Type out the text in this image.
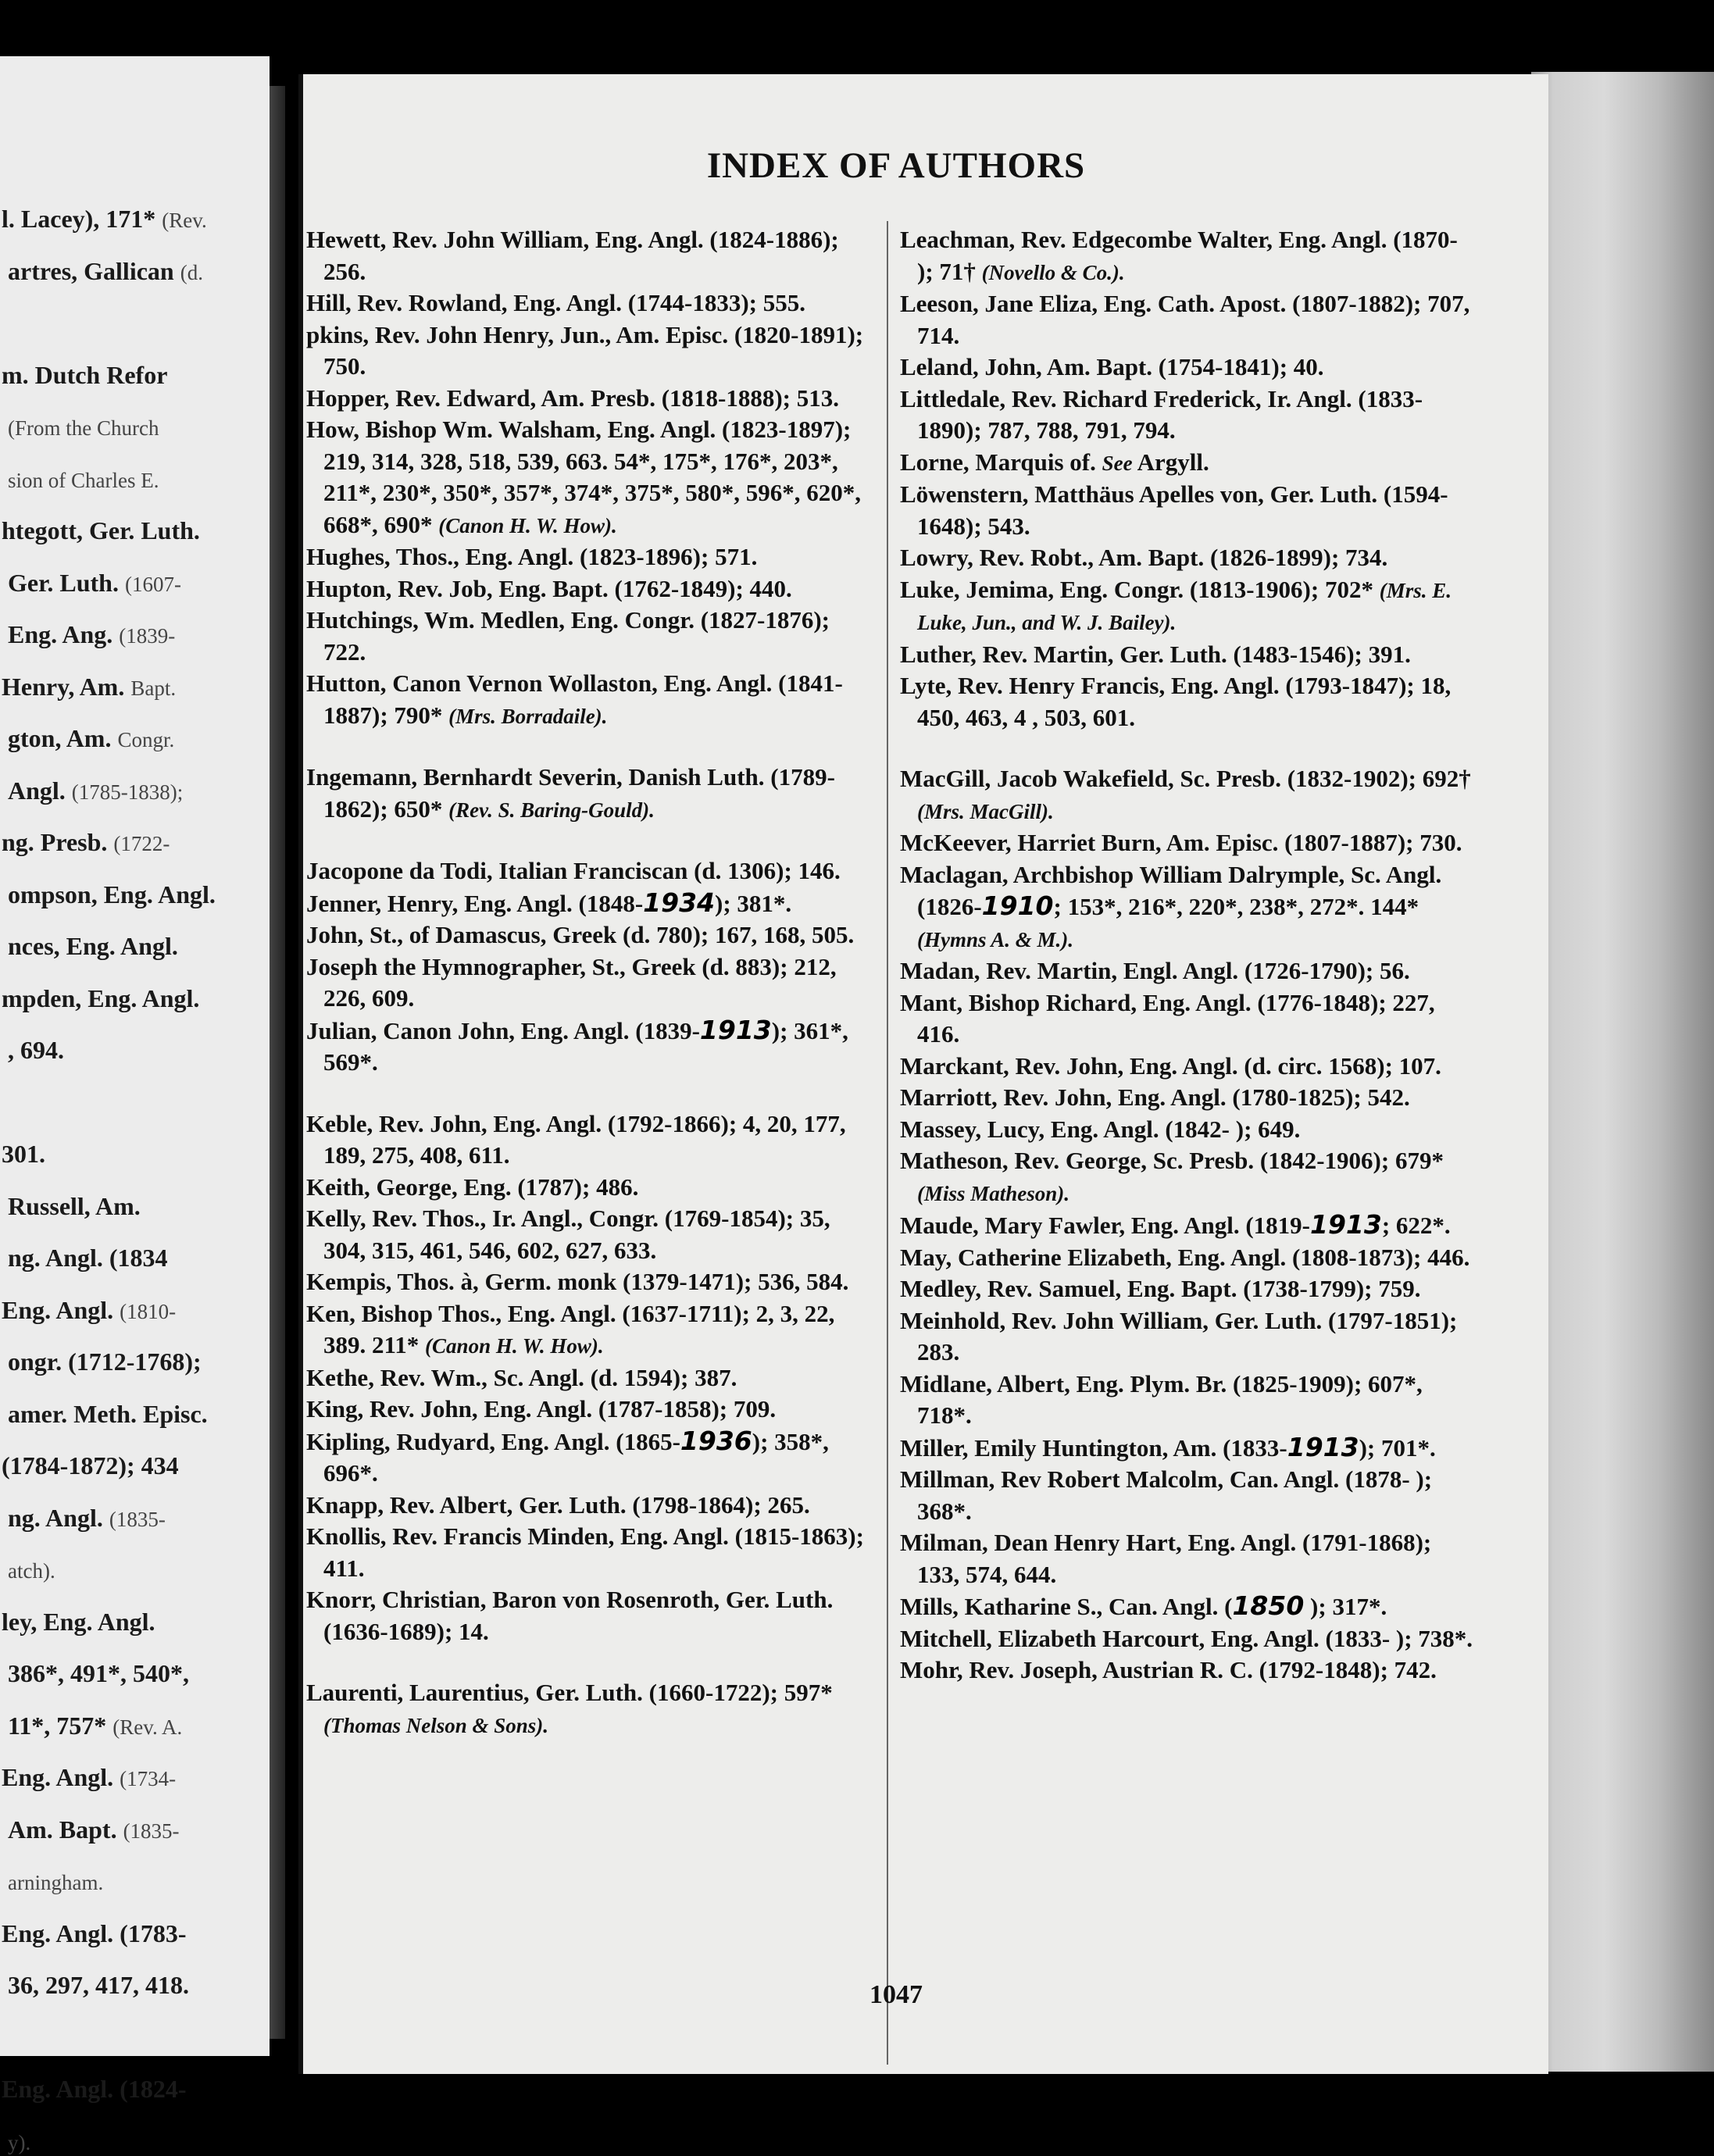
l. Lacey), 171* (Rev.
artres, Gallican (d.
m. Dutch Refor
(From the Church
sion of Charles E.
htegott, Ger. Luth.
Ger. Luth. (1607-
Eng. Ang. (1839-
Henry, Am. Bapt.
gton, Am. Congr.
Angl. (1785-1838);
ng. Presb. (1722-
ompson, Eng. Angl.
nces, Eng. Angl.
mpden, Eng. Angl.
, 694.
301.
Russell, Am.
ng. Angl. (1834
Eng. Angl. (1810-
ongr. (1712-1768);
amer. Meth. Episc.
(1784-1872); 434
ng. Angl. (1835-
atch).
ley, Eng. Angl.
386*, 491*, 540*,
11*, 757* (Rev. A.
Eng. Angl. (1734-
Am. Bapt. (1835-
arningham.
Eng. Angl. (1783-
36, 297, 417, 418.
Eng. Angl. (1824-
y).
INDEX OF AUTHORS

Hewett, Rev. John William, Eng. Angl. (1824-1886); 256.

Hill, Rev. Rowland, Eng. Angl. (1744-1833); 555.

pkins, Rev. John Henry, Jun., Am. Episc. (1820-1891); 750.

Hopper, Rev. Edward, Am. Presb. (1818-1888); 513.

How, Bishop Wm. Walsham, Eng. Angl. (1823-1897); 219, 314, 328, 518, 539, 663. 54*, 175*, 176*, 203*, 211*, 230*, 350*, 357*, 374*, 375*, 580*, 596*, 620*, 668*, 690* (Canon H. W. How).

Hughes, Thos., Eng. Angl. (1823-1896); 571.

Hupton, Rev. Job, Eng. Bapt. (1762-1849); 440.

Hutchings, Wm. Medlen, Eng. Congr. (1827-1876); 722.

Hutton, Canon Vernon Wollaston, Eng. Angl. (1841-1887); 790* (Mrs. Borradaile).

Ingemann, Bernhardt Severin, Danish Luth. (1789-1862); 650* (Rev. S. Baring-Gould).

Jacopone da Todi, Italian Franciscan (d. 1306); 146.

Jenner, Henry, Eng. Angl. (1848-1934); 381*.

John, St., of Damascus, Greek (d. 780); 167, 168, 505.

Joseph the Hymnographer, St., Greek (d. 883); 212, 226, 609.

Julian, Canon John, Eng. Angl. (1839-1913); 361*, 569*.

Keble, Rev. John, Eng. Angl. (1792-1866); 4, 20, 177, 189, 275, 408, 611.

Keith, George, Eng. (1787); 486.

Kelly, Rev. Thos., Ir. Angl., Congr. (1769-1854); 35, 304, 315, 461, 546, 602, 627, 633.

Kempis, Thos. à, Germ. monk (1379-1471); 536, 584.

Ken, Bishop Thos., Eng. Angl. (1637-1711); 2, 3, 22, 389. 211* (Canon H. W. How).

Kethe, Rev. Wm., Sc. Angl. (d. 1594); 387.

King, Rev. John, Eng. Angl. (1787-1858); 709.

Kipling, Rudyard, Eng. Angl. (1865-1936); 358*, 696*.

Knapp, Rev. Albert, Ger. Luth. (1798-1864); 265.

Knollis, Rev. Francis Minden, Eng. Angl. (1815-1863); 411.

Knorr, Christian, Baron von Rosenroth, Ger. Luth. (1636-1689); 14.

Laurenti, Laurentius, Ger. Luth. (1660-1722); 597* (Thomas Nelson & Sons).

Leachman, Rev. Edgecombe Walter, Eng. Angl. (1870- ); 71† (Novello & Co.).

Leeson, Jane Eliza, Eng. Cath. Apost. (1807-1882); 707, 714.

Leland, John, Am. Bapt. (1754-1841); 40.

Littledale, Rev. Richard Frederick, Ir. Angl. (1833-1890); 787, 788, 791, 794.

Lorne, Marquis of. See Argyll.

Löwenstern, Matthäus Apelles von, Ger. Luth. (1594-1648); 543.

Lowry, Rev. Robt., Am. Bapt. (1826-1899); 734.

Luke, Jemima, Eng. Congr. (1813-1906); 702* (Mrs. E. Luke, Jun., and W. J. Bailey).

Luther, Rev. Martin, Ger. Luth. (1483-1546); 391.

Lyte, Rev. Henry Francis, Eng. Angl. (1793-1847); 18, 450, 463, 4 , 503, 601.

MacGill, Jacob Wakefield, Sc. Presb. (1832-1902); 692† (Mrs. MacGill).

McKeever, Harriet Burn, Am. Episc. (1807-1887); 730.

Maclagan, Archbishop William Dalrymple, Sc. Angl. (1826-1910; 153*, 216*, 220*, 238*, 272*. 144* (Hymns A. & M.).

Madan, Rev. Martin, Engl. Angl. (1726-1790); 56.

Mant, Bishop Richard, Eng. Angl. (1776-1848); 227, 416.

Marckant, Rev. John, Eng. Angl. (d. circ. 1568); 107.

Marriott, Rev. John, Eng. Angl. (1780-1825); 542.

Massey, Lucy, Eng. Angl. (1842- ); 649.

Matheson, Rev. George, Sc. Presb. (1842-1906); 679* (Miss Matheson).

Maude, Mary Fawler, Eng. Angl. (1819-1913; 622*.

May, Catherine Elizabeth, Eng. Angl. (1808-1873); 446.

Medley, Rev. Samuel, Eng. Bapt. (1738-1799); 759.

Meinhold, Rev. John William, Ger. Luth. (1797-1851); 283.

Midlane, Albert, Eng. Plym. Br. (1825-1909); 607*, 718*.

Miller, Emily Huntington, Am. (1833-1913); 701*.

Millman, Rev Robert Malcolm, Can. Angl. (1878- ); 368*.

Milman, Dean Henry Hart, Eng. Angl. (1791-1868); 133, 574, 644.

Mills, Katharine S., Can. Angl. (1850 ); 317*.

Mitchell, Elizabeth Harcourt, Eng. Angl. (1833- ); 738*.

Mohr, Rev. Joseph, Austrian R. C. (1792-1848); 742.

1047
